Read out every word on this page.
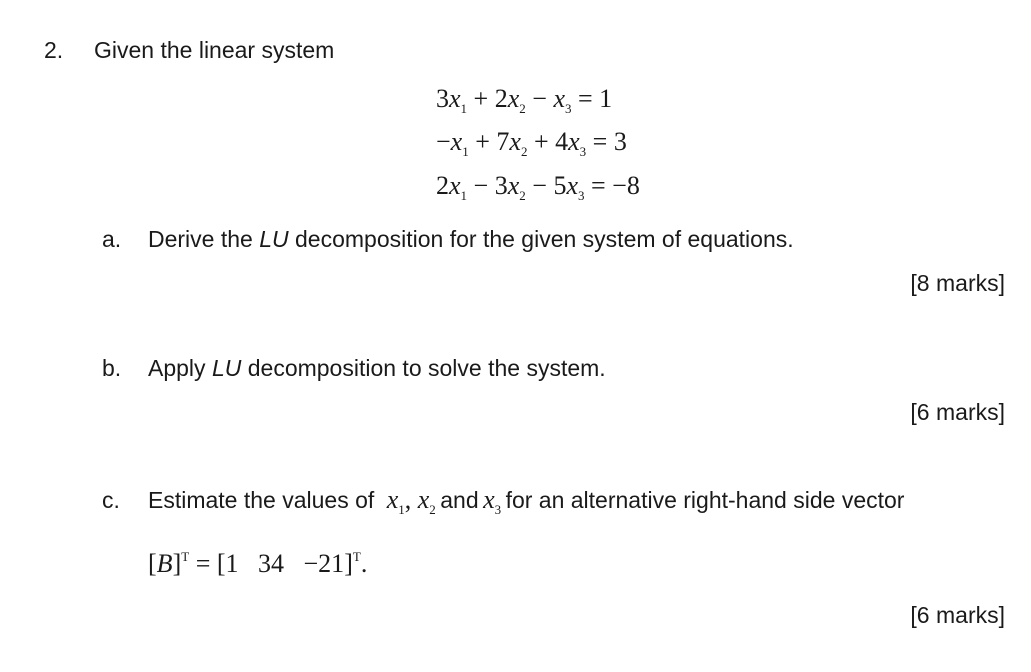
2. Given the linear system
$3x_1 + 2x_2 - x_3 = 1$
$-x_1 + 7x_2 + 4x_3 = 3$
$2x_1 - 3x_2 - 5x_3 = -8$
a. Derive the LU decomposition for the given system of equations.
[8 marks]
b. Apply LU decomposition to solve the system.
[6 marks]
c. Estimate the values of $x_1$, $x_2$ and $x_3$ for an alternative right-hand side vector
$[B]^T = [1$ 34 −21]$^T$.
[6 marks]
